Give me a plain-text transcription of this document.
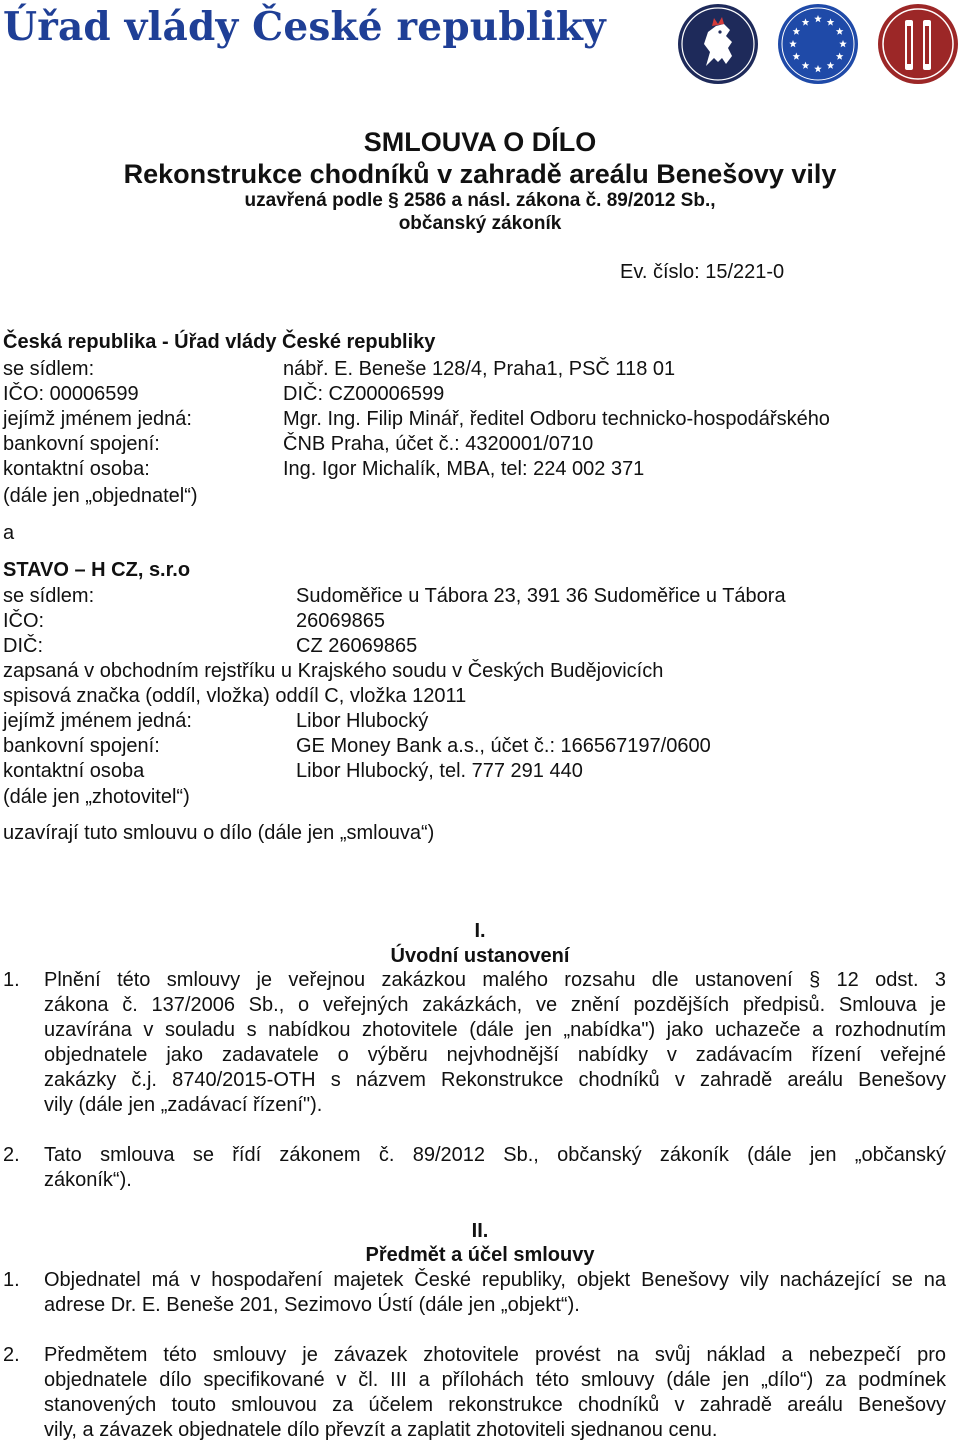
Úřad vlády České republiky
SMLOUVA O DÍLO
Rekonstrukce chodníků v zahradě areálu Benešovy vily
uzavřená podle § 2586 a násl. zákona č. 89/2012 Sb.,
občanský zákoník
Ev. číslo: 15/221-0
Česká republika - Úřad vlády České republiky
se sídlem:	nábř. E. Beneše 128/4, Praha1, PSČ 118 01
IČO: 00006599	DIČ: CZ00006599
jejímž jménem jedná:	Mgr. Ing. Filip Minář, ředitel Odboru technicko-hospodářského
bankovní spojení:	ČNB Praha, účet č.: 4320001/0710
kontaktní osoba:	Ing. Igor Michalík, MBA, tel: 224 002 371
(dále jen „objednatel“)
a
STAVO – H CZ, s.r.o
se sídlem:	Sudoměřice u Tábora 23, 391 36 Sudoměřice u Tábora
IČO:	26069865
DIČ:	CZ 26069865
zapsaná v obchodním rejstříku u Krajského soudu v Českých Budějovicích
spisová značka (oddíl, vložka) oddíl C, vložka 12011
jejímž jménem jedná:	Libor Hlubocký
bankovní spojení:	GE Money Bank a.s., účet č.: 166567197/0600
kontaktní osoba	Libor Hlubocký, tel. 777 291 440
(dále jen „zhotovitel“)
uzavírají tuto smlouvu o dílo (dále jen „smlouva“)
I.
Úvodní ustanovení
1. Plnění této smlouvy je veřejnou zakázkou malého rozsahu dle ustanovení § 12 odst. 3
zákona č. 137/2006 Sb., o veřejných zakázkách, ve znění pozdějších předpisů. Smlouva je
uzavírána v souladu s nabídkou zhotovitele (dále jen „nabídka") jako uchazeče a rozhodnutím
objednatele jako zadavatele o výběru nejvhodnější nabídky v zadávacím řízení veřejné
zakázky č.j. 8740/2015-OTH s názvem Rekonstrukce chodníků v zahradě areálu Benešovy
vily (dále jen „zadávací řízení").
2. Tato smlouva se řídí zákonem č. 89/2012 Sb., občanský zákoník (dále jen „občanský
zákoník“).
II.
Předmět a účel smlouvy
1. Objednatel má v hospodaření majetek České republiky, objekt Benešovy vily nacházející se na
adrese Dr. E. Beneše 201, Sezimovo Ústí (dále jen „objekt“).
2. Předmětem této smlouvy je závazek zhotovitele provést na svůj náklad a nebezpečí pro
objednatele dílo specifikované v čl. III a přílohách této smlouvy (dále jen „dílo“) za podmínek
stanovených touto smlouvou za účelem rekonstrukce chodníků v zahradě areálu Benešovy
vily, a závazek objednatele dílo převzít a zaplatit zhotoviteli sjednanou cenu.
